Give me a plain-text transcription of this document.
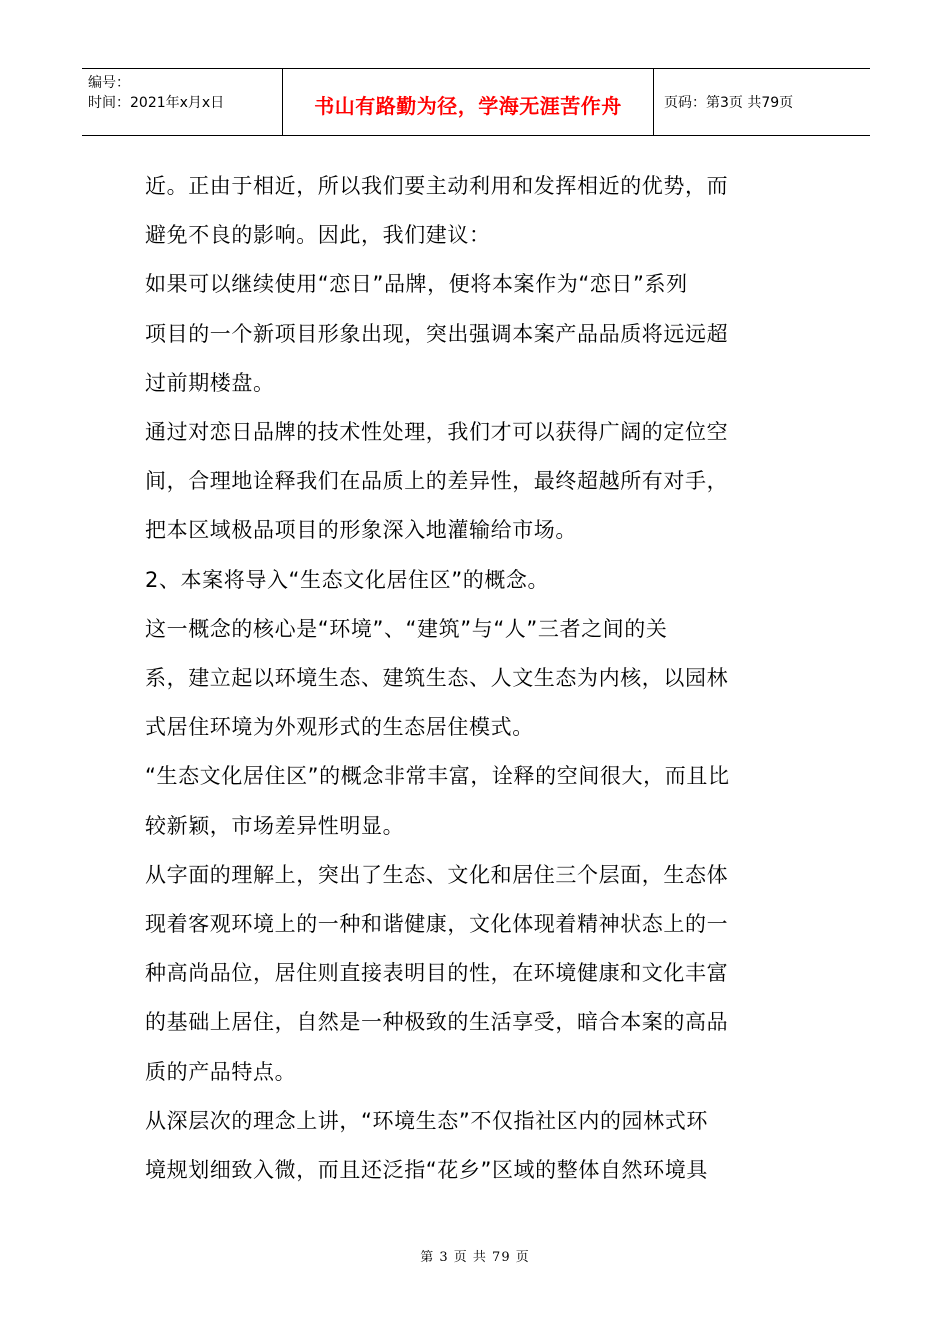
编号：
时间：2021年x月x日	书山有路勤为径，学海无涯苦作舟	页码：第3页 共79页

近。正由于相近，所以我们要主动利用和发挥相近的优势，而

避免不良的影响。因此，我们建议：

如果可以继续使用“恋日”品牌，便将本案作为“恋日”系列

项目的一个新项目形象出现，突出强调本案产品品质将远远超

过前期楼盘。

通过对恋日品牌的技术性处理，我们才可以获得广阔的定位空

间，合理地诠释我们在品质上的差异性，最终超越所有对手，

把本区域极品项目的形象深入地灌输给市场。

2、本案将导入“生态文化居住区”的概念。

这一概念的核心是“环境”、“建筑”与“人”三者之间的关

系，建立起以环境生态、建筑生态、人文生态为内核，以园林

式居住环境为外观形式的生态居住模式。

“生态文化居住区”的概念非常丰富，诠释的空间很大，而且比

较新颖，市场差异性明显。

从字面的理解上，突出了生态、文化和居住三个层面，生态体

现着客观环境上的一种和谐健康，文化体现着精神状态上的一

种高尚品位，居住则直接表明目的性，在环境健康和文化丰富

的基础上居住，自然是一种极致的生活享受，暗合本案的高品

质的产品特点。

从深层次的理念上讲，“环境生态”不仅指社区内的园林式环

境规划细致入微，而且还泛指“花乡”区域的整体自然环境具

第 3 页 共 79 页
